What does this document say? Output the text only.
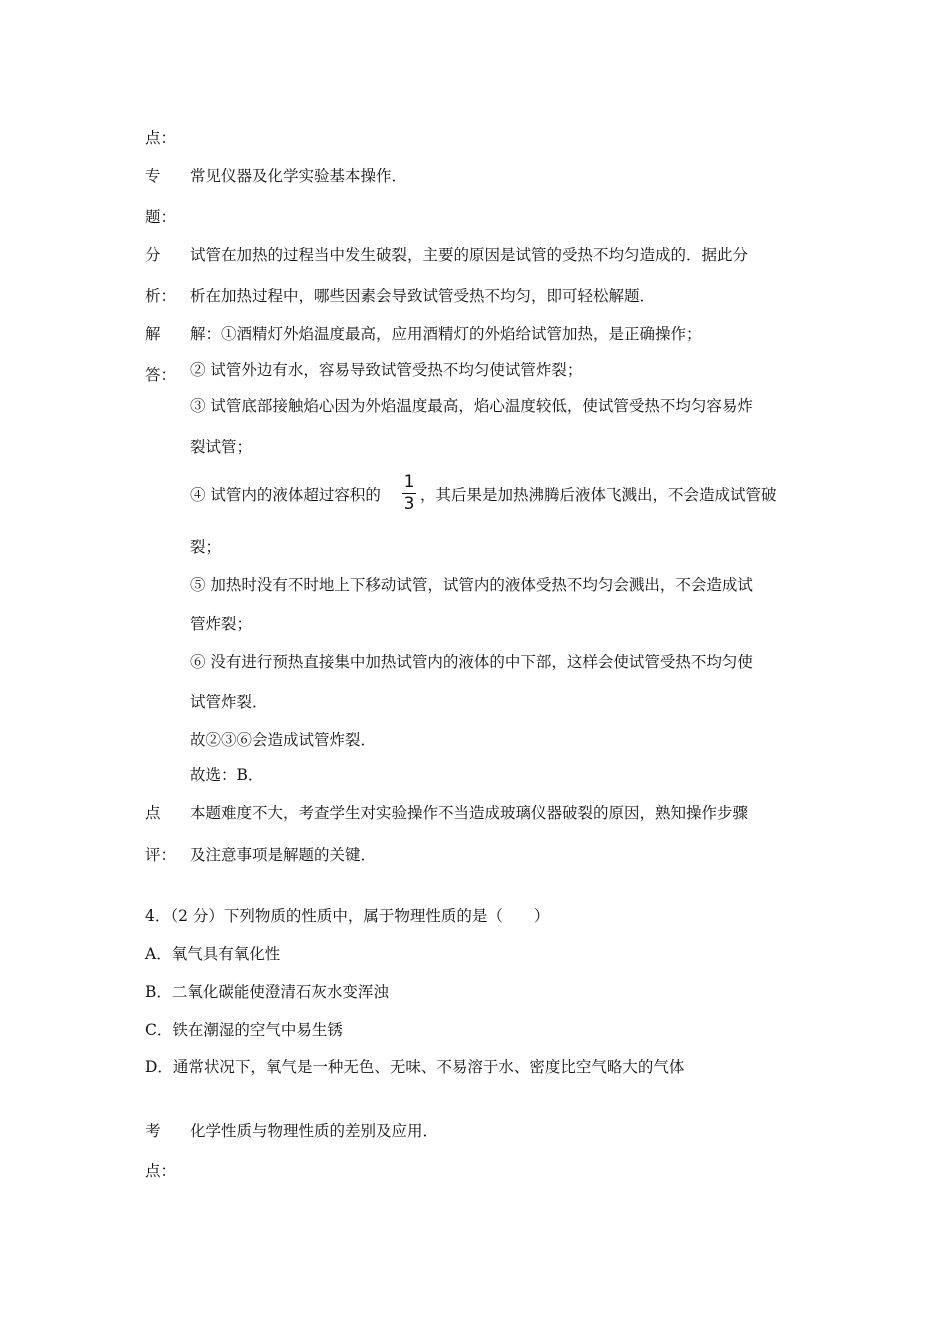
点：
专 常见仪器及化学实验基本操作．
题：
分 试管在加热的过程当中发生破裂，主要的原因是试管的受热不均匀造成的．据此分
析： 析在加热过程中，哪些因素会导致试管受热不均匀，即可轻松解题．
解 解：①酒精灯外焰温度最高，应用酒精灯的外焰给试管加热，是正确操作；
② 试管外边有水，容易导致试管受热不均匀使试管炸裂；
答：
③ 试管底部接触焰心因为外焰温度最高，焰心温度较低，使试管受热不均匀容易炸
裂试管；
④ 试管内的液体超过容积的
1
3 ，其后果是加热沸腾后液体飞溅出，不会造成试管破
裂；
⑤ 加热时没有不时地上下移动试管，试管内的液体受热不均匀会溅出，不会造成试
管炸裂；
⑥ 没有进行预热直接集中加热试管内的液体的中下部，这样会使试管受热不均匀使
试管炸裂．
故②③⑥会造成试管炸裂．
故选：B．
点 本题难度不大，考查学生对实验操作不当造成玻璃仪器破裂的原因，熟知操作步骤
评： 及注意事项是解题的关键．
4．（2 分）下列物质的性质中，属于物理性质的是（　　）
A．氧气具有氧化性
B．二氧化碳能使澄清石灰水变浑浊
C．铁在潮湿的空气中易生锈
D．通常状况下，氧气是一种无色、无味、不易溶于水、密度比空气略大的气体
考 化学性质与物理性质的差别及应用．
点：
